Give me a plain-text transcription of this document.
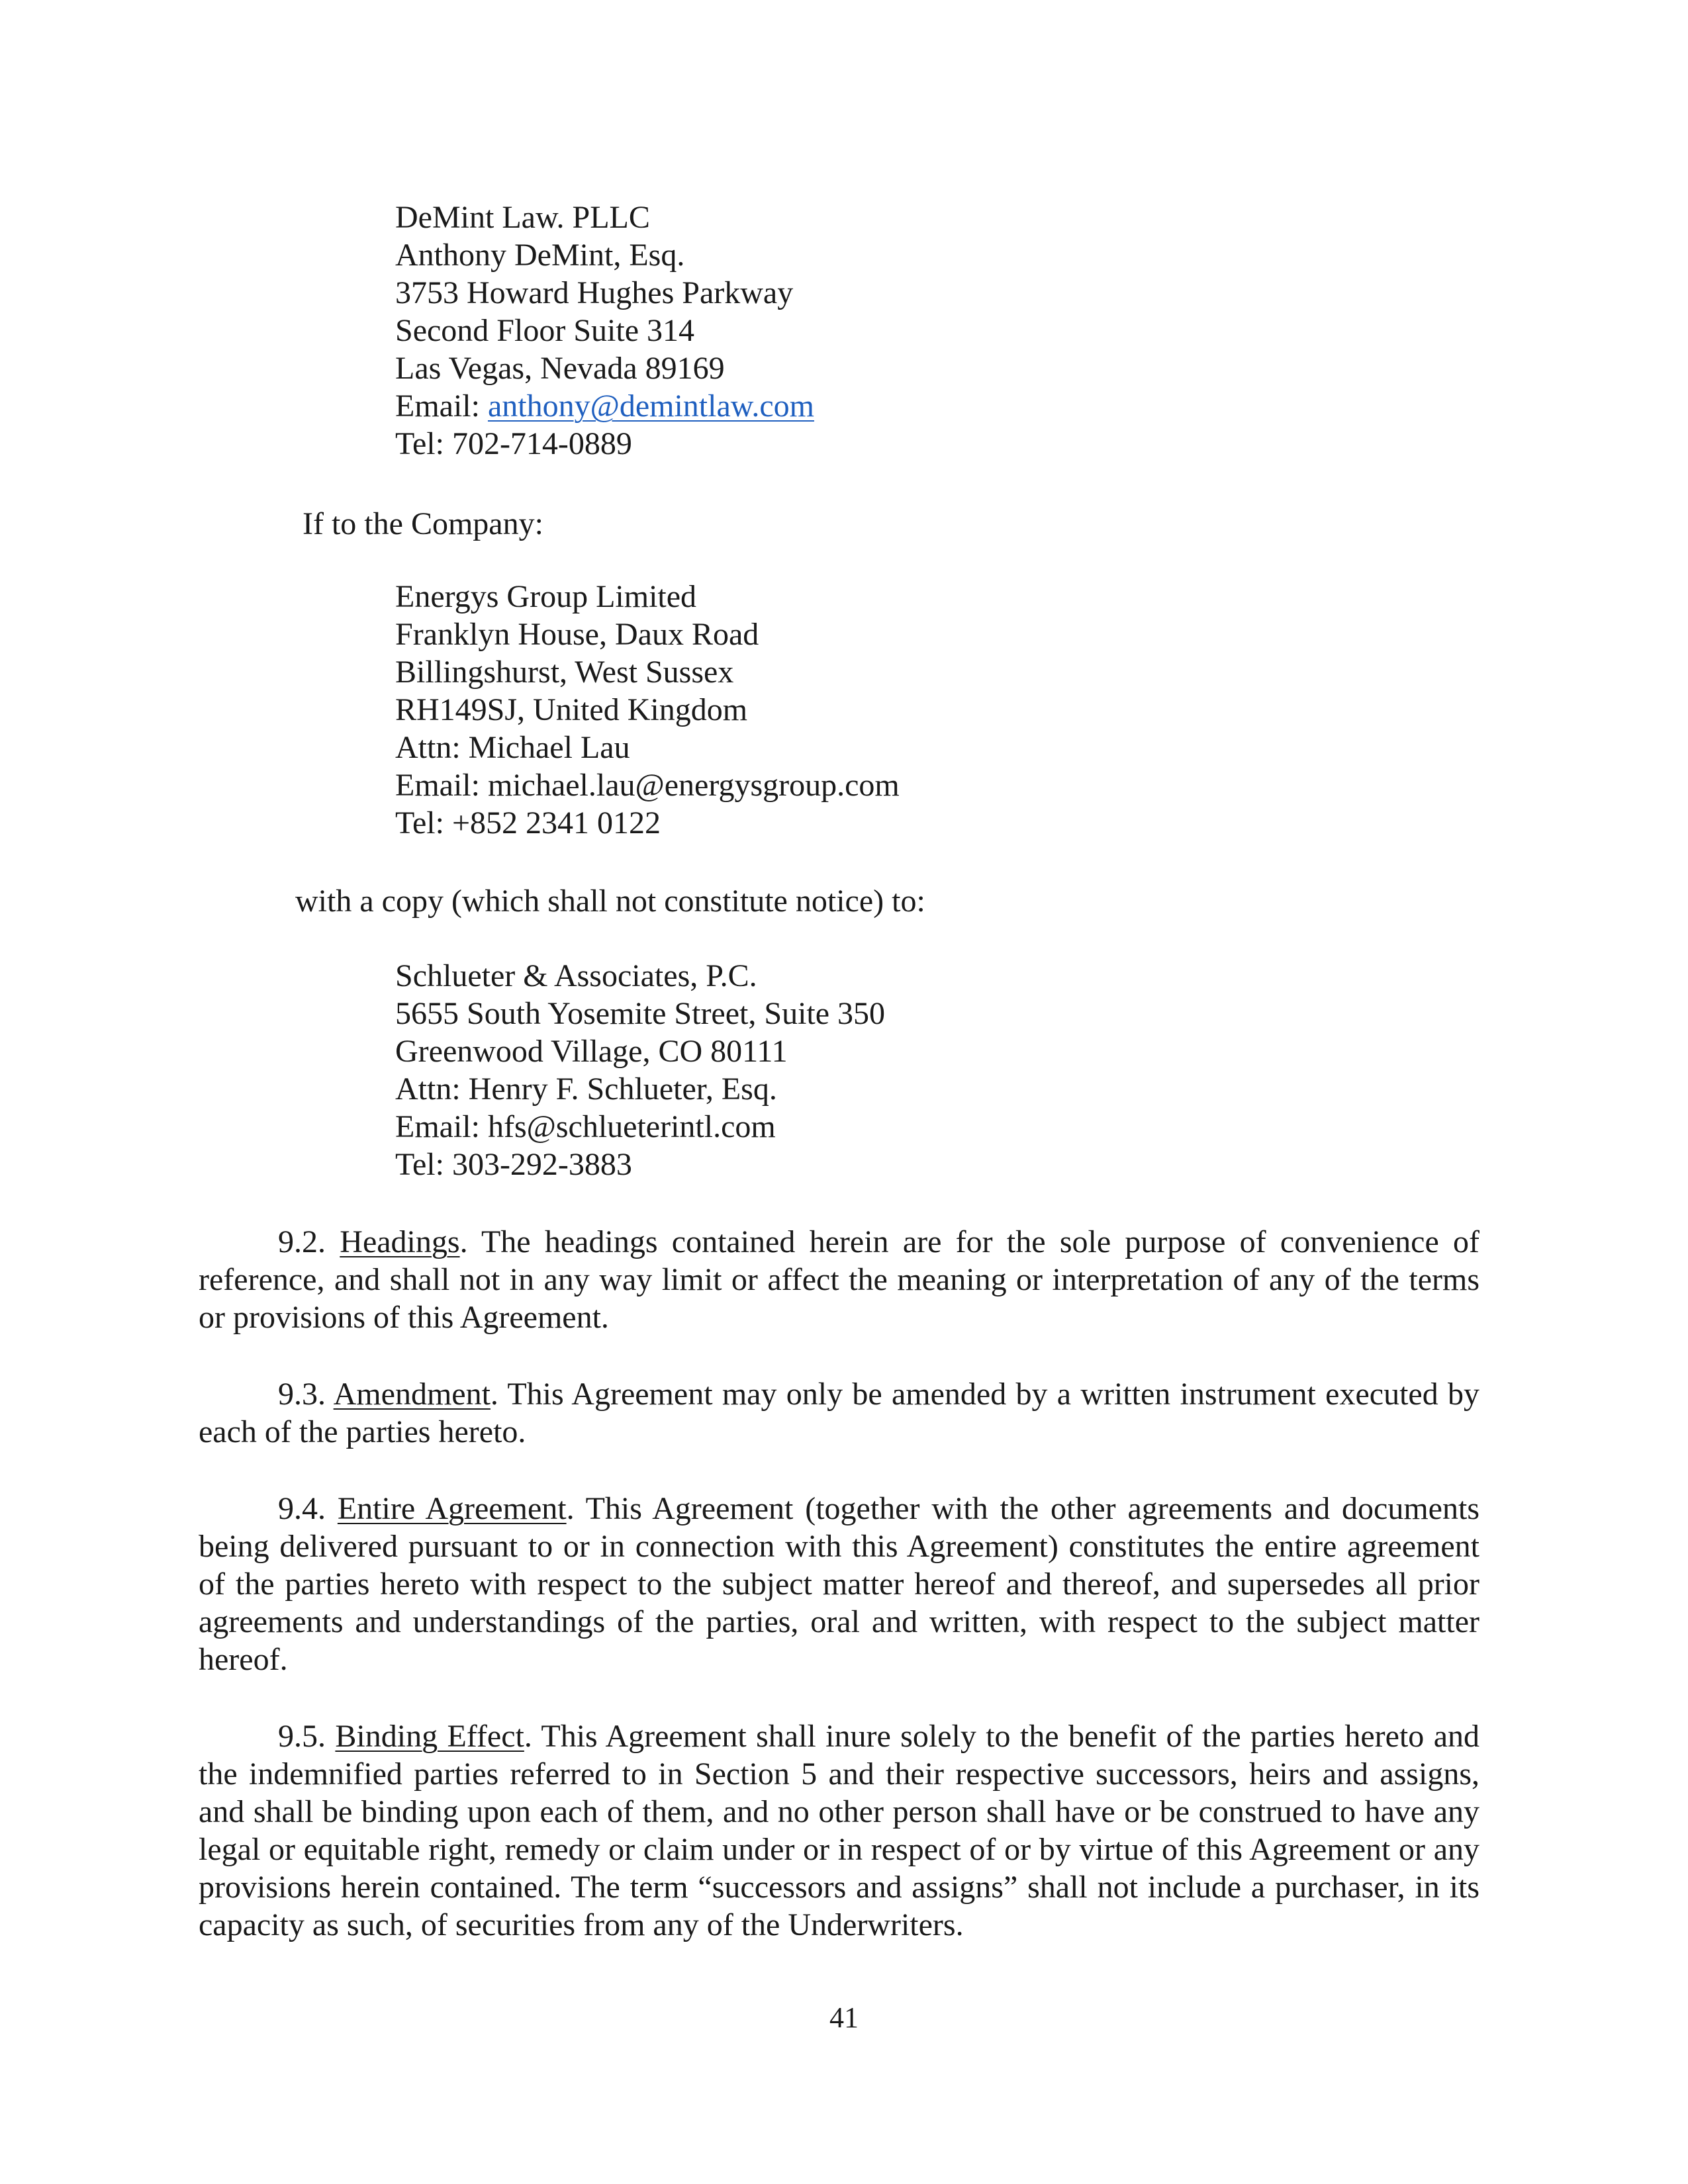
DeMint Law. PLLC
Anthony DeMint, Esq.
3753 Howard Hughes Parkway
Second Floor Suite 314
Las Vegas, Nevada 89169
Email: anthony@demintlaw.com
Tel: 702-714-0889
If to the Company:
Energys Group Limited
Franklyn House, Daux Road
Billingshurst, West Sussex
RH149SJ, United Kingdom
Attn: Michael Lau
Email: michael.lau@energysgroup.com
Tel: +852 2341 0122
with a copy (which shall not constitute notice) to:
Schlueter & Associates, P.C.
5655 South Yosemite Street, Suite 350
Greenwood Village, CO 80111
Attn: Henry F. Schlueter, Esq.
Email: hfs@schlueterintl.com
Tel: 303-292-3883
9.2. Headings. The headings contained herein are for the sole purpose of convenience of reference, and shall not in any way limit or affect the meaning or interpretation of any of the terms or provisions of this Agreement.
9.3. Amendment. This Agreement may only be amended by a written instrument executed by each of the parties hereto.
9.4. Entire Agreement. This Agreement (together with the other agreements and documents being delivered pursuant to or in connection with this Agreement) constitutes the entire agreement of the parties hereto with respect to the subject matter hereof and thereof, and supersedes all prior agreements and understandings of the parties, oral and written, with respect to the subject matter hereof.
9.5. Binding Effect. This Agreement shall inure solely to the benefit of the parties hereto and the indemnified parties referred to in Section 5 and their respective successors, heirs and assigns, and shall be binding upon each of them, and no other person shall have or be construed to have any legal or equitable right, remedy or claim under or in respect of or by virtue of this Agreement or any provisions herein contained. The term “successors and assigns” shall not include a purchaser, in its capacity as such, of securities from any of the Underwriters.
41
